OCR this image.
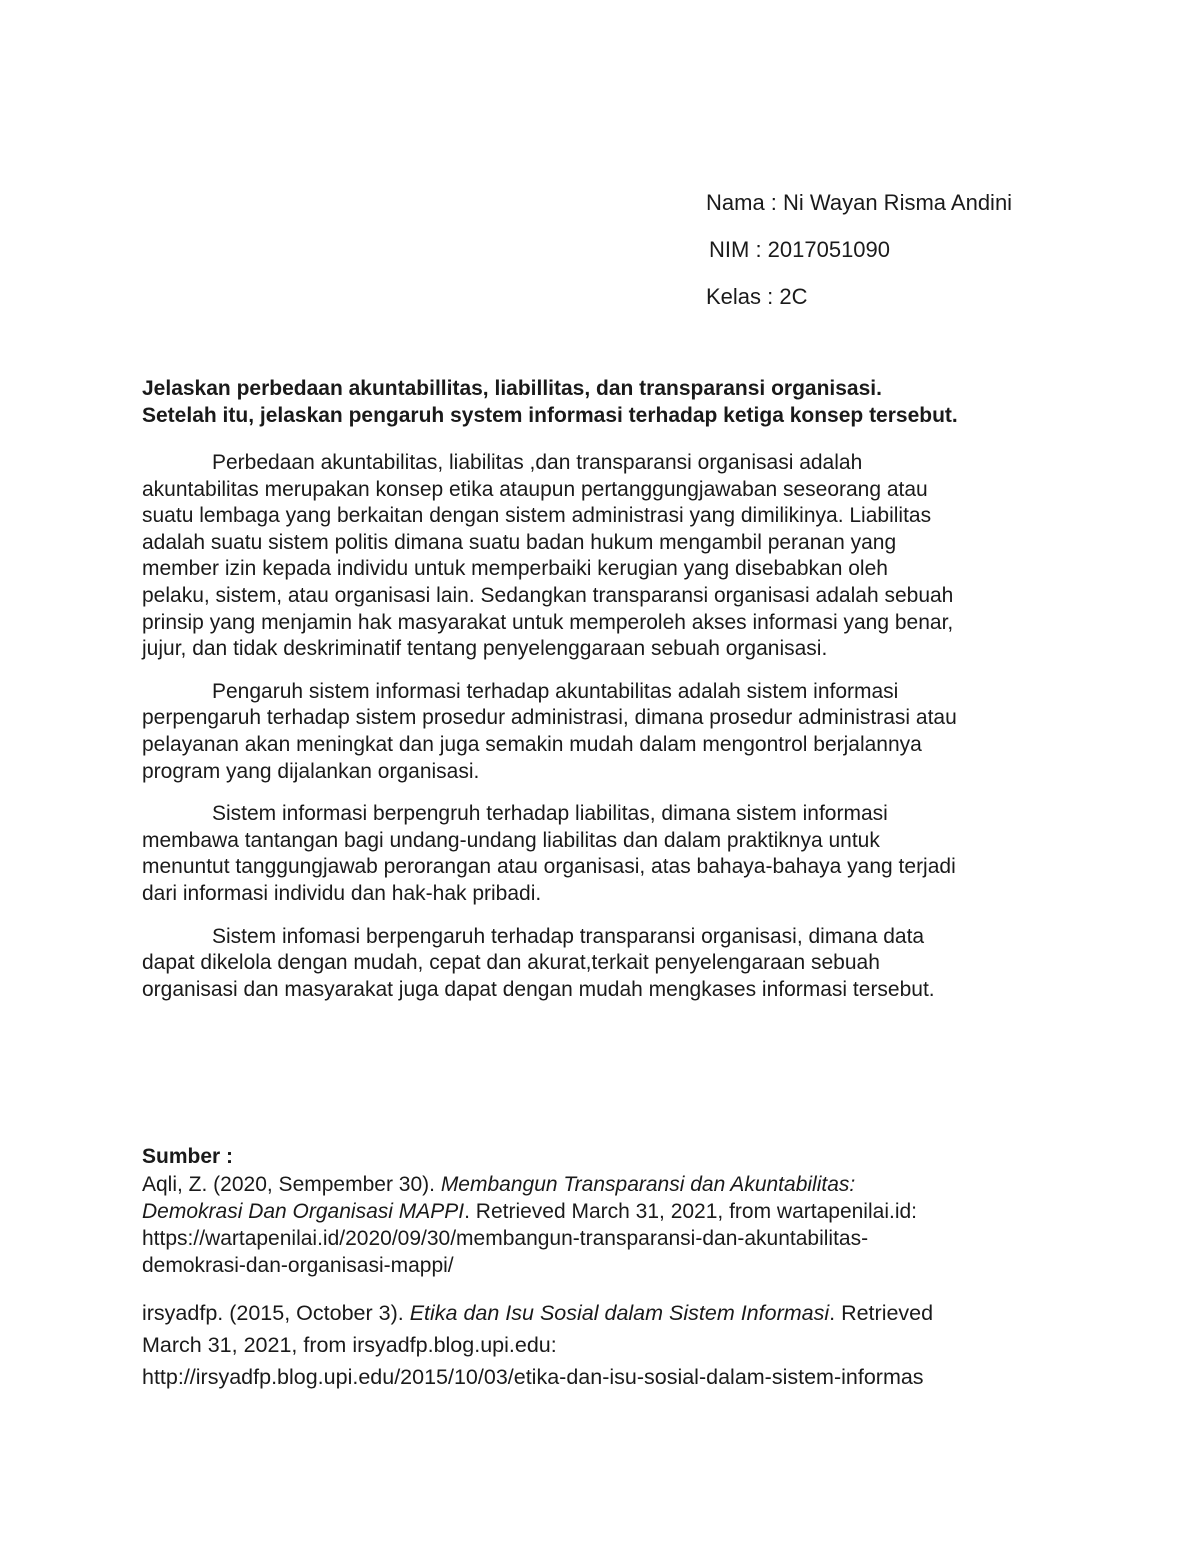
Nama : Ni Wayan Risma Andini
NIM : 2017051090
Kelas : 2C
Jelaskan perbedaan akuntabillitas, liabillitas, dan transparansi organisasi.
Setelah itu, jelaskan pengaruh system informasi terhadap ketiga konsep tersebut.
Perbedaan akuntabilitas, liabilitas ,dan transparansi organisasi adalah
akuntabilitas merupakan konsep etika ataupun pertanggungjawaban seseorang atau
suatu lembaga yang berkaitan dengan sistem administrasi yang dimilikinya. Liabilitas
adalah suatu sistem politis dimana suatu badan hukum mengambil peranan yang
member izin kepada individu untuk memperbaiki kerugian yang disebabkan oleh
pelaku, sistem, atau organisasi lain. Sedangkan transparansi organisasi adalah sebuah
prinsip yang menjamin hak masyarakat untuk memperoleh akses informasi yang benar,
jujur, dan tidak deskriminatif tentang penyelenggaraan sebuah organisasi.
Pengaruh sistem informasi terhadap akuntabilitas adalah sistem informasi
perpengaruh terhadap sistem prosedur administrasi, dimana prosedur administrasi atau
pelayanan akan meningkat dan juga semakin mudah dalam mengontrol berjalannya
program yang dijalankan organisasi.
Sistem informasi berpengruh terhadap liabilitas, dimana sistem informasi
membawa tantangan bagi undang-undang liabilitas dan dalam praktiknya untuk
menuntut tanggungjawab perorangan atau organisasi, atas bahaya-bahaya yang terjadi
dari informasi individu dan hak-hak pribadi.
Sistem infomasi berpengaruh terhadap transparansi organisasi, dimana data
dapat dikelola dengan mudah, cepat dan akurat,terkait penyelengaraan sebuah
organisasi dan masyarakat juga dapat dengan mudah mengkases informasi tersebut.
Sumber :
Aqli, Z. (2020, Sempember 30). Membangun Transparansi dan Akuntabilitas:
Demokrasi Dan Organisasi MAPPI. Retrieved March 31, 2021, from wartapenilai.id:
https://wartapenilai.id/2020/09/30/membangun-transparansi-dan-akuntabilitas-
demokrasi-dan-organisasi-mappi/
irsyadfp. (2015, October 3). Etika dan Isu Sosial dalam Sistem Informasi. Retrieved
March 31, 2021, from irsyadfp.blog.upi.edu:
http://irsyadfp.blog.upi.edu/2015/10/03/etika-dan-isu-sosial-dalam-sistem-informas
